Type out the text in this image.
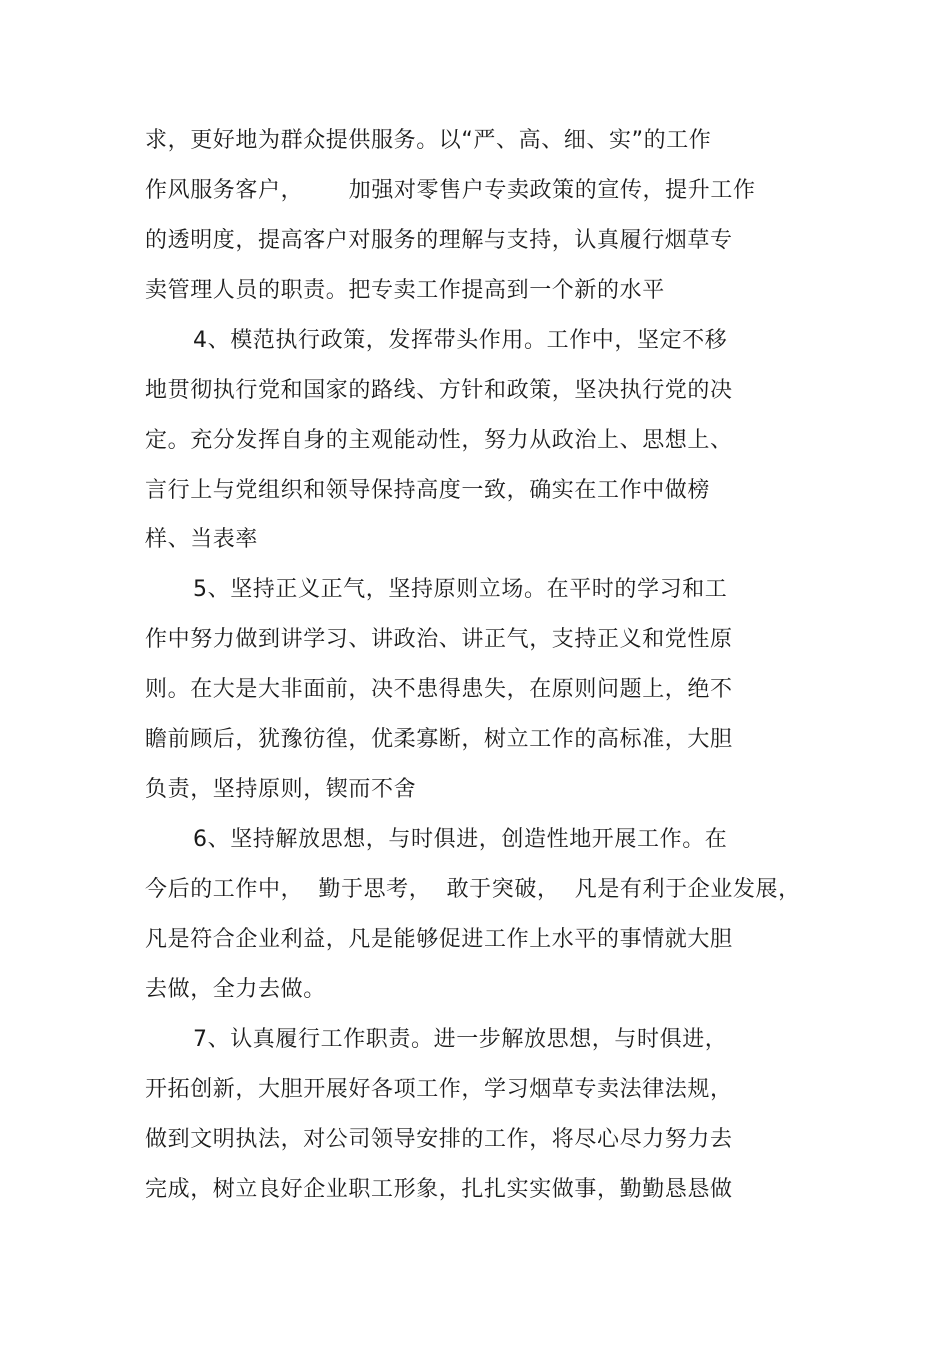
求，更好地为群众提供服务。以“严、高、细、实”的工作
作风服务客户，      加强对零售户专卖政策的宣传，提升工作
的透明度，提高客户对服务的理解与支持，认真履行烟草专
卖管理人员的职责。把专卖工作提高到一个新的水平
4、模范执行政策，发挥带头作用。工作中，坚定不移
地贯彻执行党和国家的路线、方针和政策，坚决执行党的决
定。充分发挥自身的主观能动性，努力从政治上、思想上、
言行上与党组织和领导保持高度一致，确实在工作中做榜
样、当表率
5、坚持正义正气，坚持原则立场。在平时的学习和工
作中努力做到讲学习、讲政治、讲正气，支持正义和党性原
则。在大是大非面前，决不患得患失，在原则问题上，绝不
瞻前顾后，犹豫彷徨，优柔寡断，树立工作的高标准，大胆
负责，坚持原则，锲而不舍
6、坚持解放思想，与时俱进，创造性地开展工作。在
今后的工作中，  勤于思考，  敢于突破，  凡是有利于企业发展，
凡是符合企业利益，凡是能够促进工作上水平的事情就大胆
去做，全力去做。
7、认真履行工作职责。进一步解放思想，与时俱进，
开拓创新，大胆开展好各项工作，学习烟草专卖法律法规，
做到文明执法，对公司领导安排的工作，将尽心尽力努力去
完成，树立良好企业职工形象，扎扎实实做事，勤勤恳恳做
